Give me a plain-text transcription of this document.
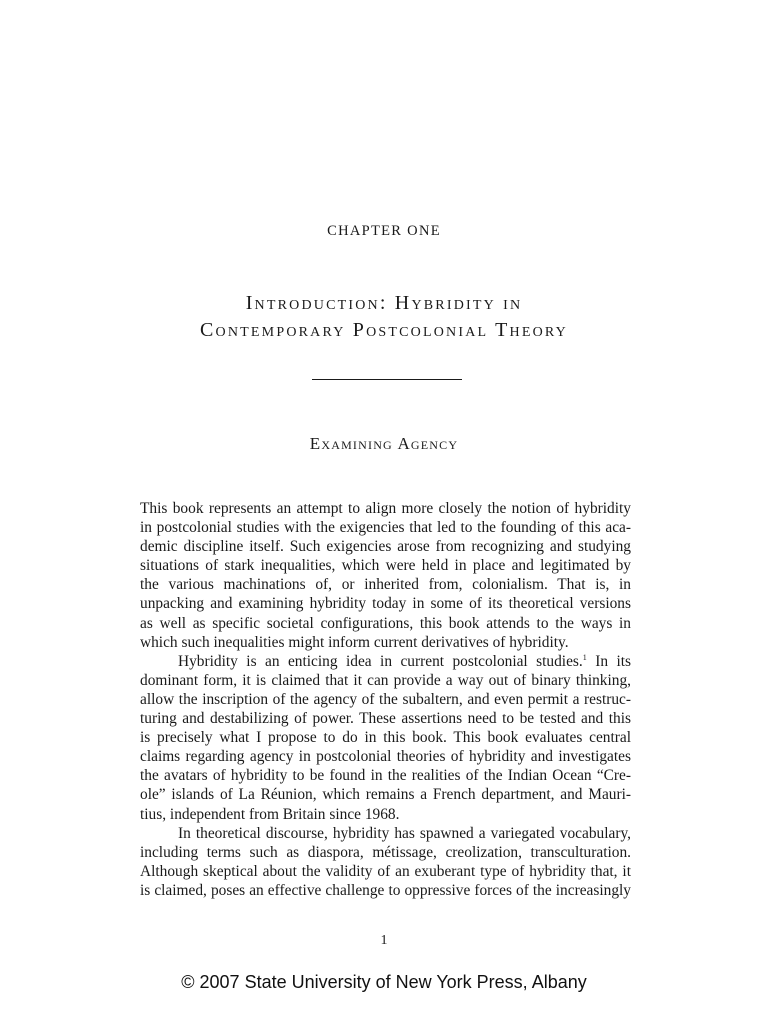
CHAPTER ONE
Introduction: Hybridity in
Contemporary Postcolonial Theory
Examining Agency
This book represents an attempt to align more closely the notion of hybridity
in postcolonial studies with the exigencies that led to the founding of this aca-
demic discipline itself. Such exigencies arose from recognizing and studying
situations of stark inequalities, which were held in place and legitimated by
the various machinations of, or inherited from, colonialism. That is, in
unpacking and examining hybridity today in some of its theoretical versions
as well as specific societal configurations, this book attends to the ways in
which such inequalities might inform current derivatives of hybridity.
Hybridity is an enticing idea in current postcolonial studies.$^1$ In its
dominant form, it is claimed that it can provide a way out of binary thinking,
allow the inscription of the agency of the subaltern, and even permit a restruc-
turing and destabilizing of power. These assertions need to be tested and this
is precisely what I propose to do in this book. This book evaluates central
claims regarding agency in postcolonial theories of hybridity and investigates
the avatars of hybridity to be found in the realities of the Indian Ocean “Cre-
ole” islands of La Réunion, which remains a French department, and Mauri-
tius, independent from Britain since 1968.
In theoretical discourse, hybridity has spawned a variegated vocabulary,
including terms such as diaspora, métissage, creolization, transculturation.
Although skeptical about the validity of an exuberant type of hybridity that, it
is claimed, poses an effective challenge to oppressive forces of the increasingly
1
© 2007 State University of New York Press, Albany
